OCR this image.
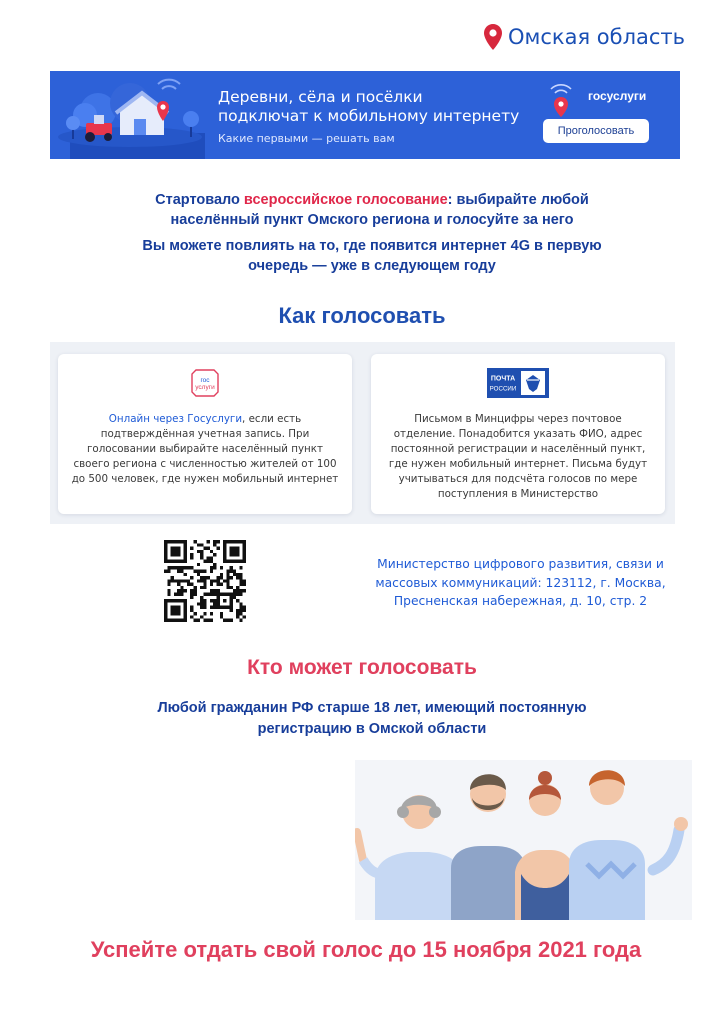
Омская область
Деревни, сёла и посёлки
подключат к мобильному интернету
Какие первыми — решать вам
госуслуги
Проголосовать
Стартовало всероссийское голосование: выбирайте любой
населённый пункт Омского региона и голосуйте за него
Вы можете повлиять на то, где появится интернет 4G в первую
очередь — уже в следующем году
Как голосовать
гос
услуги
Онлайн через Госуслуги, если есть подтверждённая учетная запись. При голосовании выбирайте населённый пункт своего региона с численностью жителей от 100 до 500 человек, где нужен мобильный интернет
ПОЧТА
РОССИИ
Письмом в Минцифры через почтовое отделение. Понадобится указать ФИО, адрес постоянной регистрации и населённый пункт, где нужен мобильный интернет. Письма будут учитываться для подсчёта голосов по мере поступления в Министерство
Министерство цифрового развития, связи и
массовых коммуникаций: 123112, г. Москва,
Пресненская набережная, д. 10, стр. 2
Кто может голосовать
Любой гражданин РФ старше 18 лет, имеющий постоянную
регистрацию в Омской области
Успейте отдать свой голос до 15 ноября 2021 года
